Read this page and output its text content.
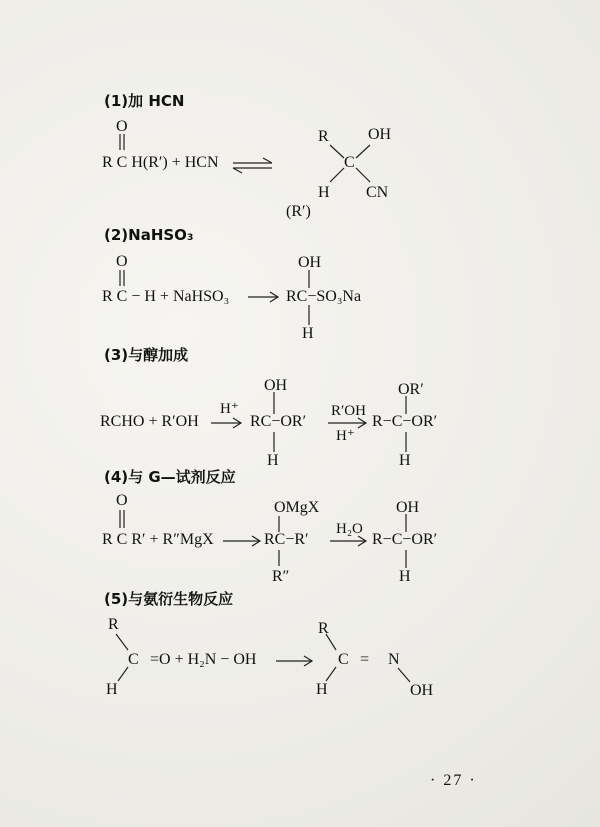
(1)加 HCN
O
R C H(R′) + HCN
R OH
C
H CN
(R′)
(2)NaHSO₃
O
R C − H + NaHSO₃
OH
RC−SO₃Na
H
(3)与醇加成
RCHO + R′OH
H⁺
OH
RC−OR′
H
R′OH
H⁺
OR′
R−C−OR′
H
(4)与 G—试剂反应
O
R C R′ + R″MgX
OMgX
RC−R′
R″
H₂O
OH
R−C−OR′
H
(5)与氨衍生物反应
R
C
H
=O + H₂N − OH
R
C
H
= N
OH
· 27 ·
